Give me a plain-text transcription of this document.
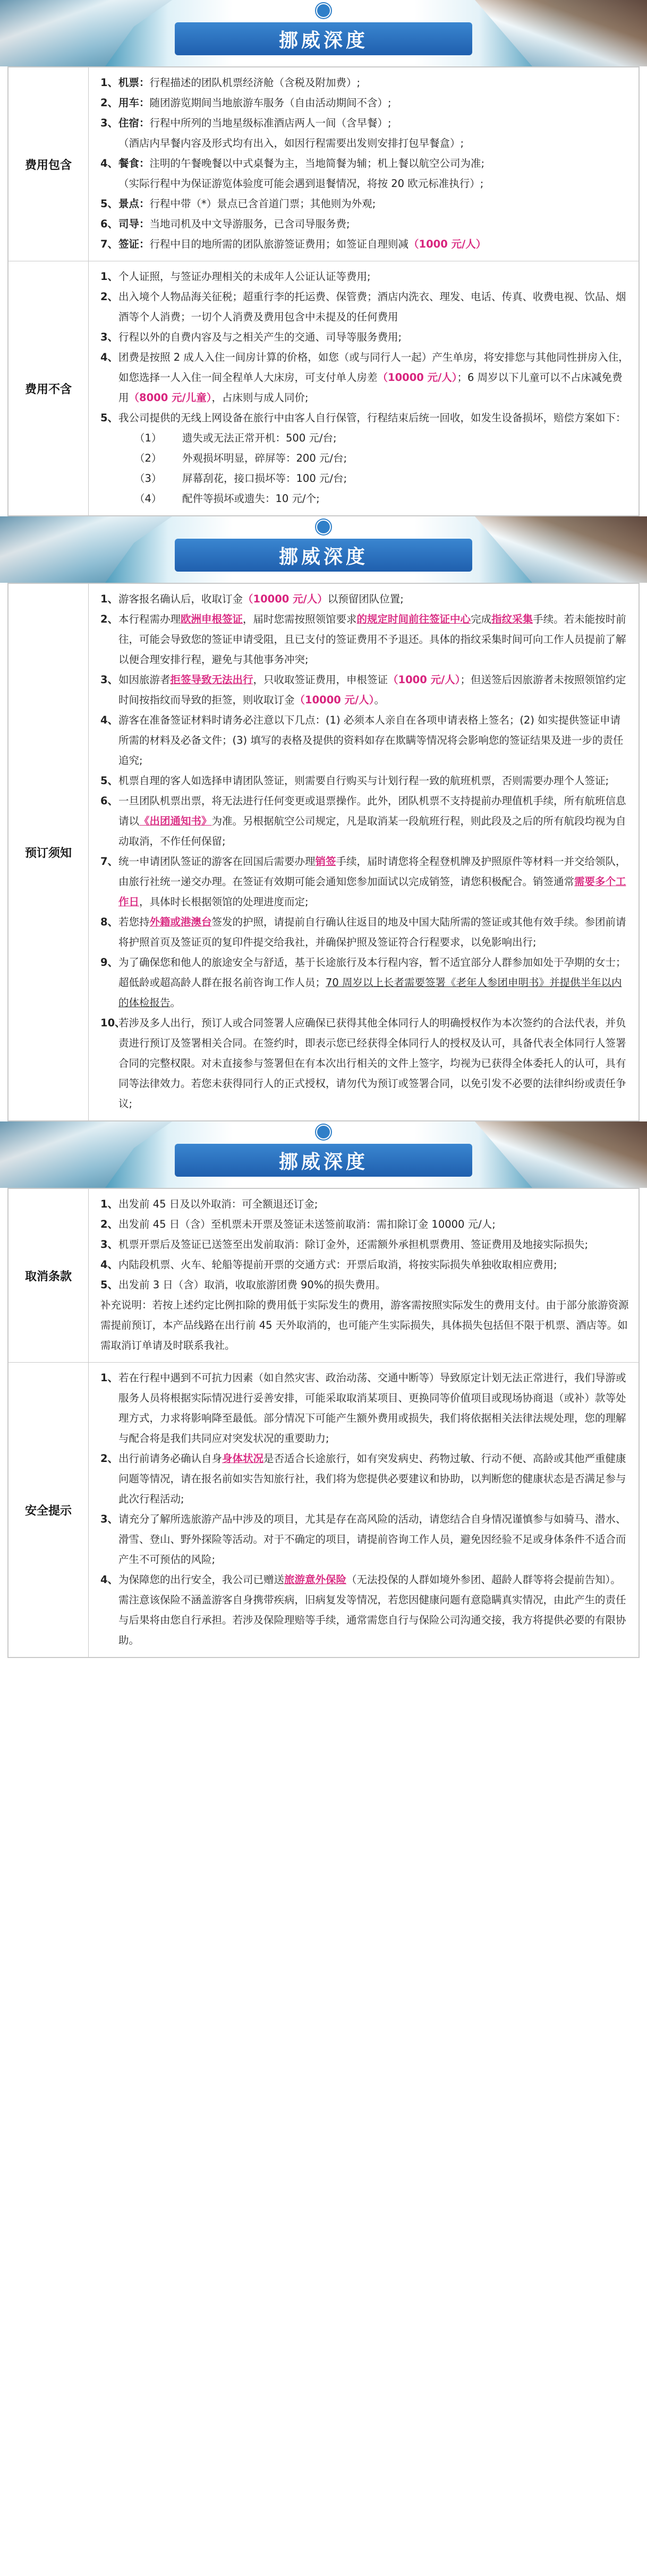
挪威深度
费用包含
1、 机票：行程描述的团队机票经济舱（含税及附加费）;
2、 用车：随团游览期间当地旅游车服务（自由活动期间不含）;
3、 住宿：行程中所列的当地星级标准酒店两人一间（含早餐）;
（酒店内早餐内容及形式均有出入，如因行程需要出发则安排打包早餐盒）;
4、 餐食：注明的午餐晚餐以中式桌餐为主，当地简餐为辅；机上餐以航空公司为准;
（实际行程中为保证游览体验度可能会遇到退餐情况，将按 20 欧元标准执行）;
5、 景点：行程中带（*）景点已含首道门票；其他则为外观;
6、 司导：当地司机及中文导游服务，已含司导服务费;
7、 签证：行程中目的地所需的团队旅游签证费用；如签证自理则减（1000 元/人）
费用不含
1、 个人证照，与签证办理相关的未成年人公证认证等费用;
2、 出入境个人物品海关征税；超重行李的托运费、保管费；酒店内洗衣、理发、电话、传真、收费电视、饮品、烟酒等个人消费；一切个人消费及费用包含中未提及的任何费用
3、 行程以外的自费内容及与之相关产生的交通、司导等服务费用;
4、 团费是按照 2 成人入住一间房计算的价格，如您（或与同行人一起）产生单房，将安排您与其他同性拼房入住，如您选择一人入住一间全程单人大床房，可支付单人房差（10000 元/人）；6 周岁以下儿童可以不占床减免费用（8000 元/儿童），占床则与成人同价;
5、 我公司提供的无线上网设备在旅行中由客人自行保管，行程结束后统一回收，如发生设备损坏，赔偿方案如下：
（1）	遗失或无法正常开机：500 元/台;
（2）	外观损坏明显，碎屏等：200 元/台;
（3）	屏幕刮花，接口损坏等：100 元/台;
（4）	配件等损坏或遗失：10 元/个;
挪威深度
预订须知
1、 游客报名确认后，收取订金（10000 元/人）以预留团队位置;
2、 本行程需办理欧洲申根签证，届时您需按照领馆要求的规定时间前往签证中心完成指纹采集手续。若未能按时前往，可能会导致您的签证申请受阻，且已支付的签证费用不予退还。具体的指纹采集时间可向工作人员提前了解以便合理安排行程，避免与其他事务冲突;
3、 如因旅游者拒签导致无法出行，只收取签证费用，申根签证（1000 元/人）；但送签后因旅游者未按照领馆约定时间按指纹而导致的拒签，则收取订金（10000 元/人）。
4、 游客在准备签证材料时请务必注意以下几点：(1) 必须本人亲自在各项申请表格上签名；(2) 如实提供签证申请所需的材料及必备文件；(3) 填写的表格及提供的资料如存在欺瞒等情况将会影响您的签证结果及进一步的责任追究;
5、 机票自理的客人如选择申请团队签证，则需要自行购买与计划行程一致的航班机票，否则需要办理个人签证;
6、 一旦团队机票出票，将无法进行任何变更或退票操作。此外，团队机票不支持提前办理值机手续，所有航班信息请以《出团通知书》为准。另根据航空公司规定，凡是取消某一段航班行程，则此段及之后的所有航段均视为自动取消，不作任何保留;
7、 统一申请团队签证的游客在回国后需要办理销签手续，届时请您将全程登机牌及护照原件等材料一并交给领队，由旅行社统一递交办理。在签证有效期可能会通知您参加面试以完成销签，请您积极配合。销签通常需要多个工作日，具体时长根据领馆的处理进度而定;
8、 若您持外籍或港澳台签发的护照，请提前自行确认往返目的地及中国大陆所需的签证或其他有效手续。参团前请将护照首页及签证页的复印件提交给我社，并确保护照及签证符合行程要求，以免影响出行;
9、 为了确保您和他人的旅途安全与舒适，基于长途旅行及本行程内容，暂不适宜部分人群参加如处于孕期的女士；超低龄或超高龄人群在报名前咨询工作人员；70 周岁以上长者需要签署《老年人参团申明书》并提供半年以内的体检报告。
10、
若涉及多人出行，预订人或合同签署人应确保已获得其他全体同行人的明确授权作为本次签约的合法代表，并负责进行预订及签署相关合同。在签约时，即表示您已经获得全体同行人的授权及认可，具备代表全体同行人签署合同的完整权限。对未直接参与签署但在有本次出行相关的文件上签字，均视为已获得全体委托人的认可，具有同等法律效力。若您未获得同行人的正式授权，请勿代为预订或签署合同，以免引发不必要的法律纠纷或责任争议;
挪威深度
取消条款
1、 出发前 45 日及以外取消：可全额退还订金;
2、 出发前 45 日（含）至机票未开票及签证未送签前取消：需扣除订金 10000 元/人;
3、 机票开票后及签证已送签至出发前取消：除订金外，还需额外承担机票费用、签证费用及地接实际损失;
4、 内陆段机票、火车、轮船等提前开票的交通方式：开票后取消，将按实际损失单独收取相应费用;
5、 出发前 3 日（含）取消，收取旅游团费 90%的损失费用。
补充说明：若按上述约定比例扣除的费用低于实际发生的费用，游客需按照实际发生的费用支付。由于部分旅游资源需提前预订，本产品线路在出行前 45 天外取消的，也可能产生实际损失，具体损失包括但不限于机票、酒店等。如需取消订单请及时联系我社。
安全提示
1、 若在行程中遇到不可抗力因素（如自然灾害、政治动荡、交通中断等）导致原定计划无法正常进行，我们导游或服务人员将根据实际情况进行妥善安排，可能采取取消某项目、更换同等价值项目或现场协商退（或补）款等处理方式，力求将影响降至最低。部分情况下可能产生额外费用或损失，我们将依据相关法律法规处理，您的理解与配合将是我们共同应对突发状况的重要助力;
2、 出行前请务必确认自身身体状况是否适合长途旅行，如有突发病史、药物过敏、行动不便、高龄或其他严重健康问题等情况，请在报名前如实告知旅行社，我们将为您提供必要建议和协助，以判断您的健康状态是否满足参与此次行程活动;
3、 请充分了解所选旅游产品中涉及的项目，尤其是存在高风险的活动，请您结合自身情况谨慎参与如骑马、潜水、滑雪、登山、野外探险等活动。对于不确定的项目，请提前咨询工作人员，避免因经验不足或身体条件不适合而产生不可预估的风险;
4、 为保障您的出行安全，我公司已赠送旅游意外保险（无法投保的人群如境外参团、超龄人群等将会提前告知）。需注意该保险不涵盖游客自身携带疾病，旧病复发等情况，若您因健康问题有意隐瞒真实情况，由此产生的责任与后果将由您自行承担。若涉及保险理赔等手续，通常需您自行与保险公司沟通交接，我方将提供必要的有限协助。
